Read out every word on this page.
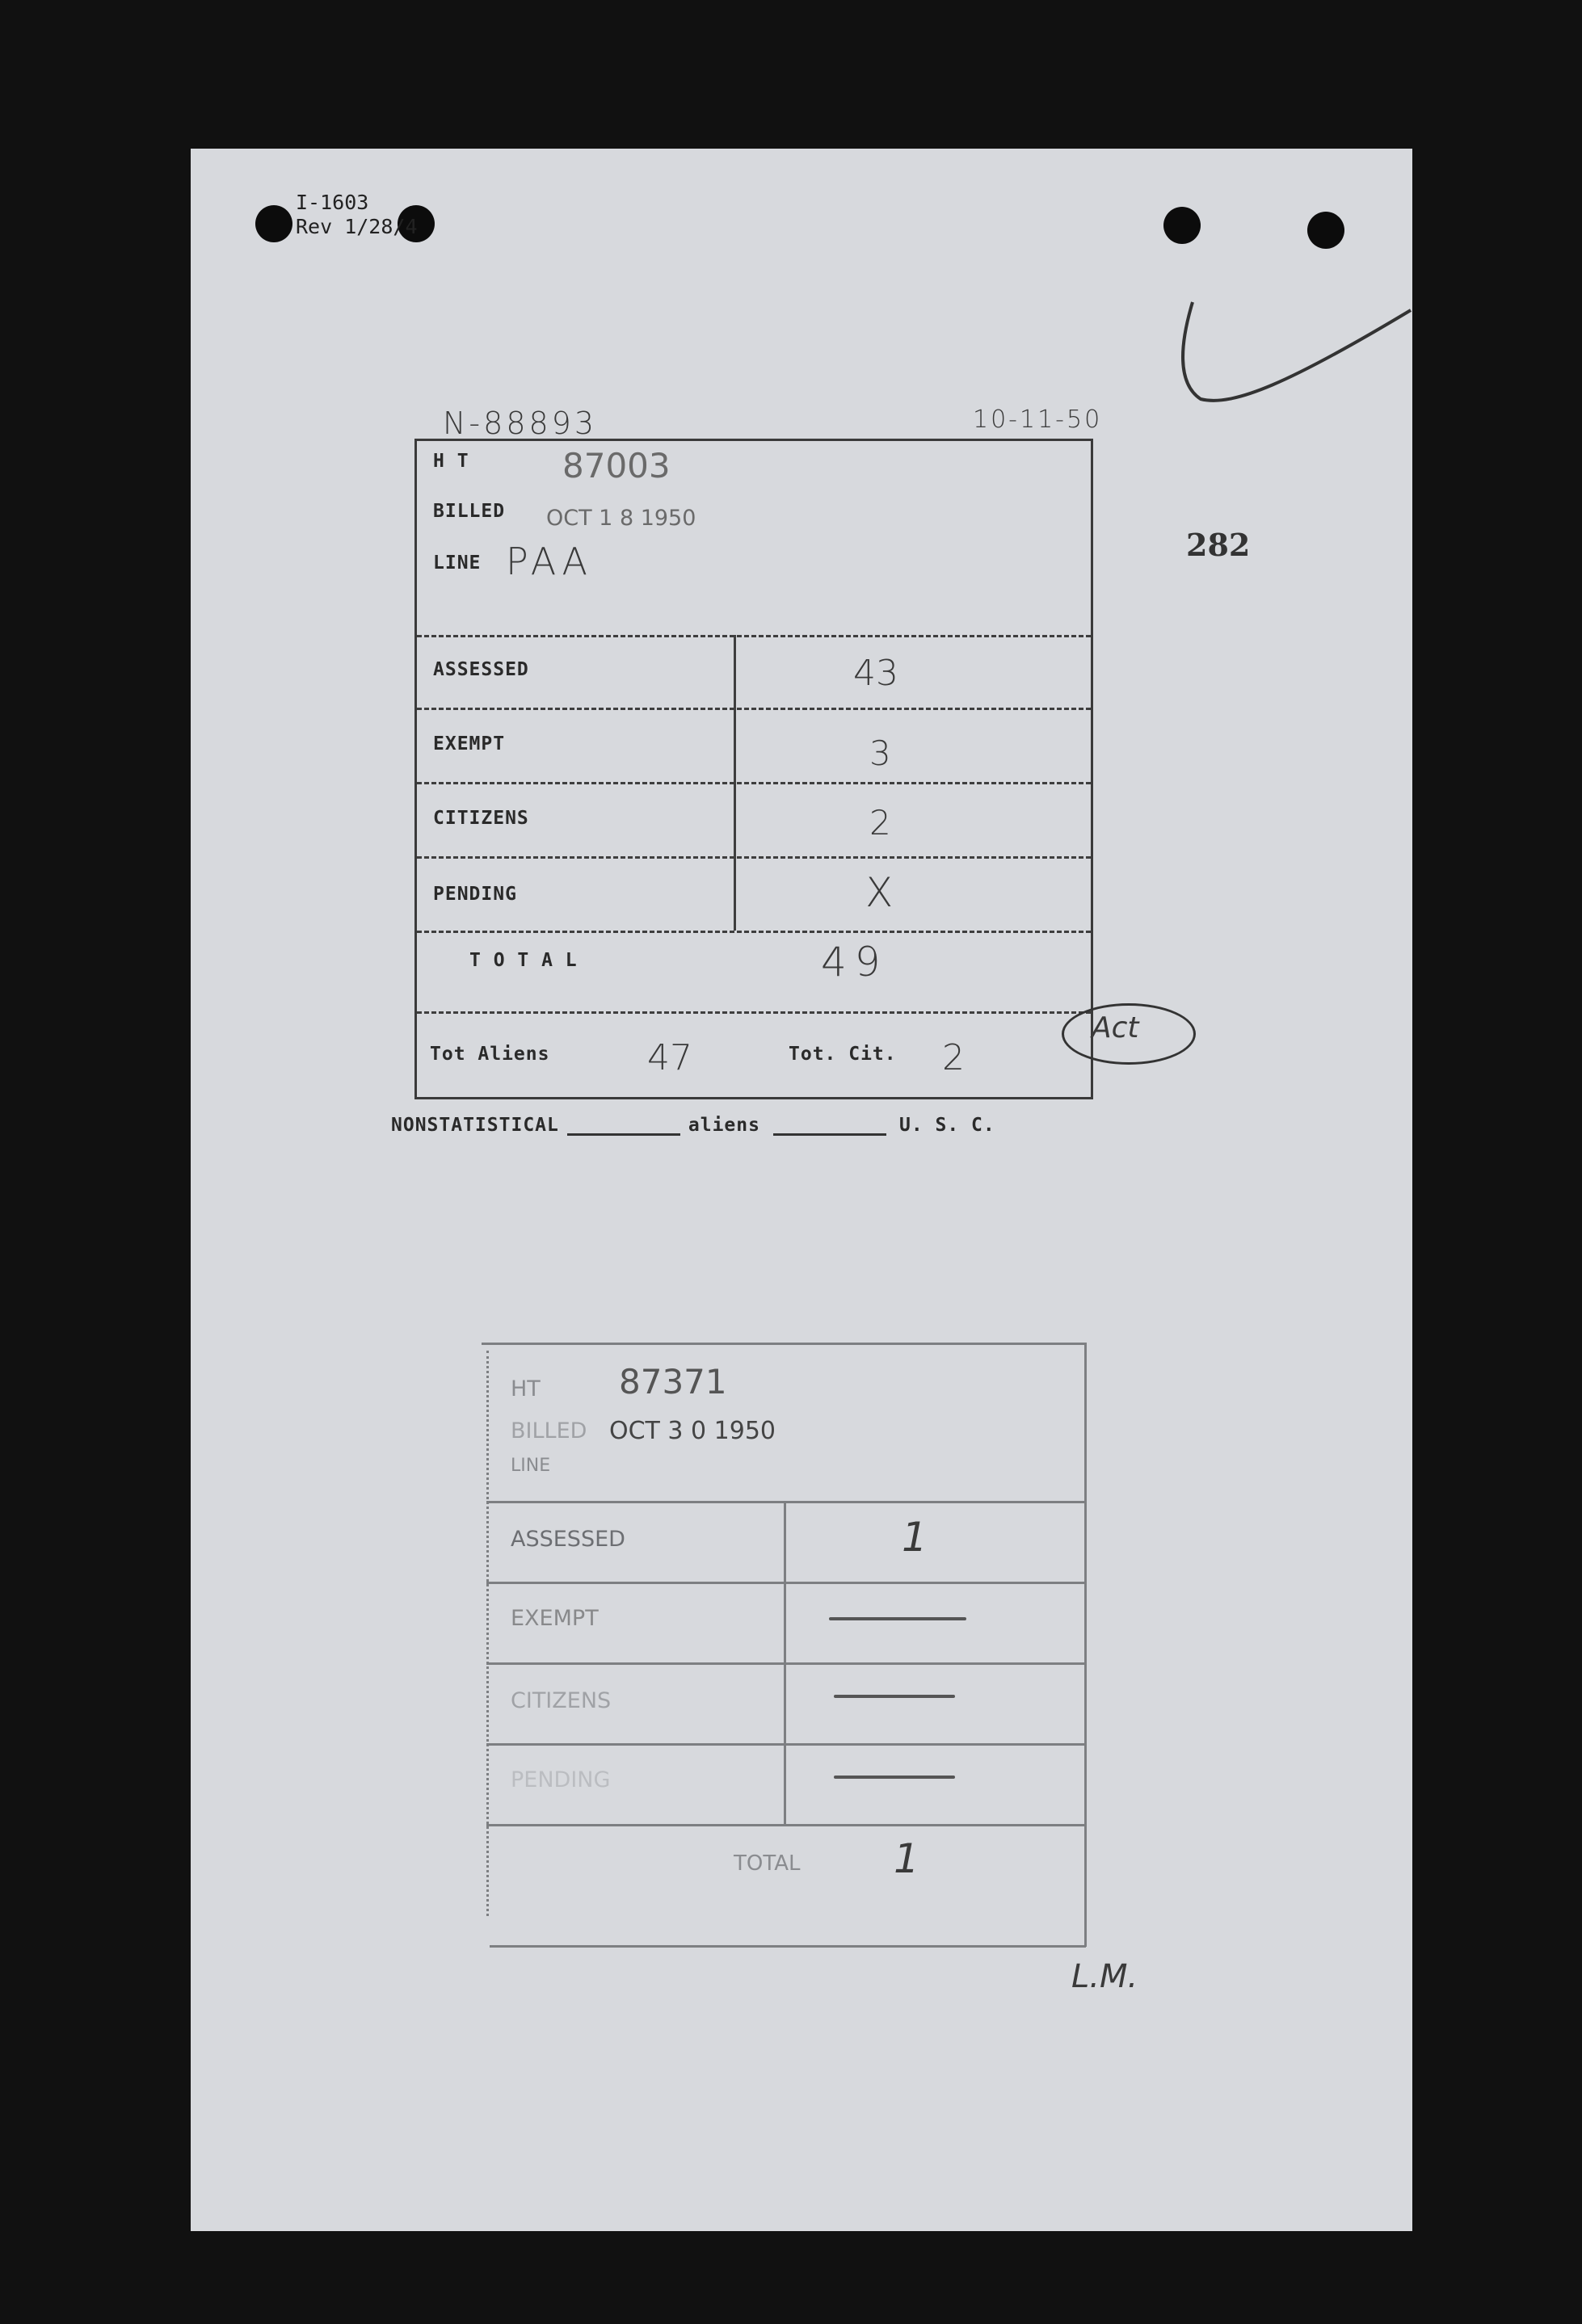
I-1603
Rev 1/28/4
N-88893	10-11-50
282
H T	87003
BILLED OCT 1 8 1950
LINE PAA
ASSESSED	43
EXEMPT	3
CITIZENS	2
PENDING	X
T O T A L	49
Tot Aliens	47	Tot. Cit. 2
Act
NONSTATISTICAL	aliens	U. S. C.
HT 87371
BILLED OCT 3 0 1950
LINE
ASSESSED	1
EXEMPT
CITIZENS
PENDING
TOTAL 1
L.M.
